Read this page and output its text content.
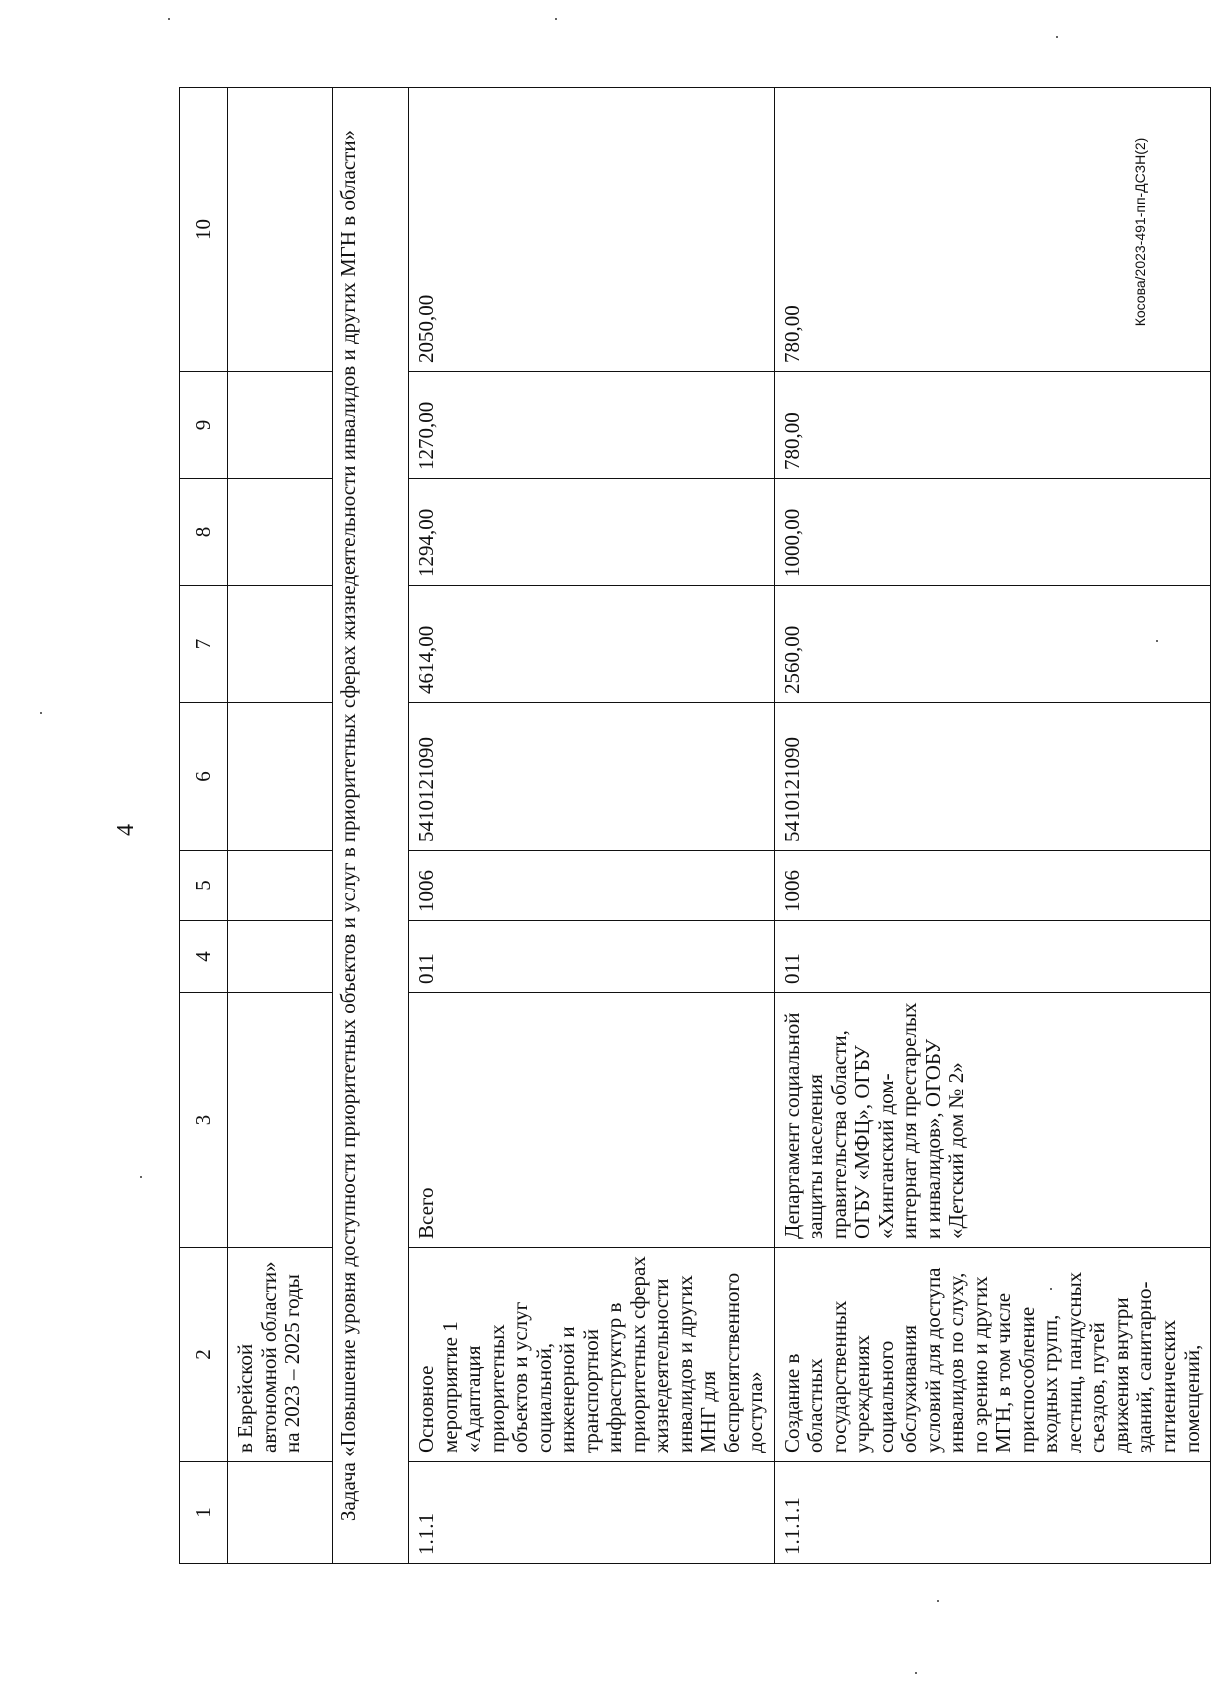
4
Косова/2023-491-пп-ДСЗН(2)
1	2	3	4	5	6	7	8	9	10
	в Еврейской автономной области» на 2023 – 2025 годы								
Задача «Повышение уровня доступности приоритетных объектов и услуг в приоритетных сферах жизнедеятельности инвалидов и других МГН в области»									
1.1.1	Основное мероприятие 1 «Адаптация приоритетных объектов и услуг социальной, инженерной и транспортной инфраструктур в приоритетных сферах жизнедеятельности инвалидов и других МНГ для беспрепятственного доступа»	Всего	011	1006	5410121090	4614,00	1294,00	1270,00	2050,00
1.1.1.1	Создание в областных государственных учреждениях социального обслуживания условий для доступа инвалидов по слуху, по зрению и других МГН, в том числе приспособление входных групп, лестниц, пандусных съездов, путей движения внутри зданий, санитарно-гигиенических помещений,	Департамент социальной защиты населения правительства области, ОГБУ «МФЦ», ОГБУ «Хинганский дом-интернат для престарелых и инвалидов», ОГОБУ «Детский дом № 2»	011	1006	5410121090	2560,00	1000,00	780,00	780,00
